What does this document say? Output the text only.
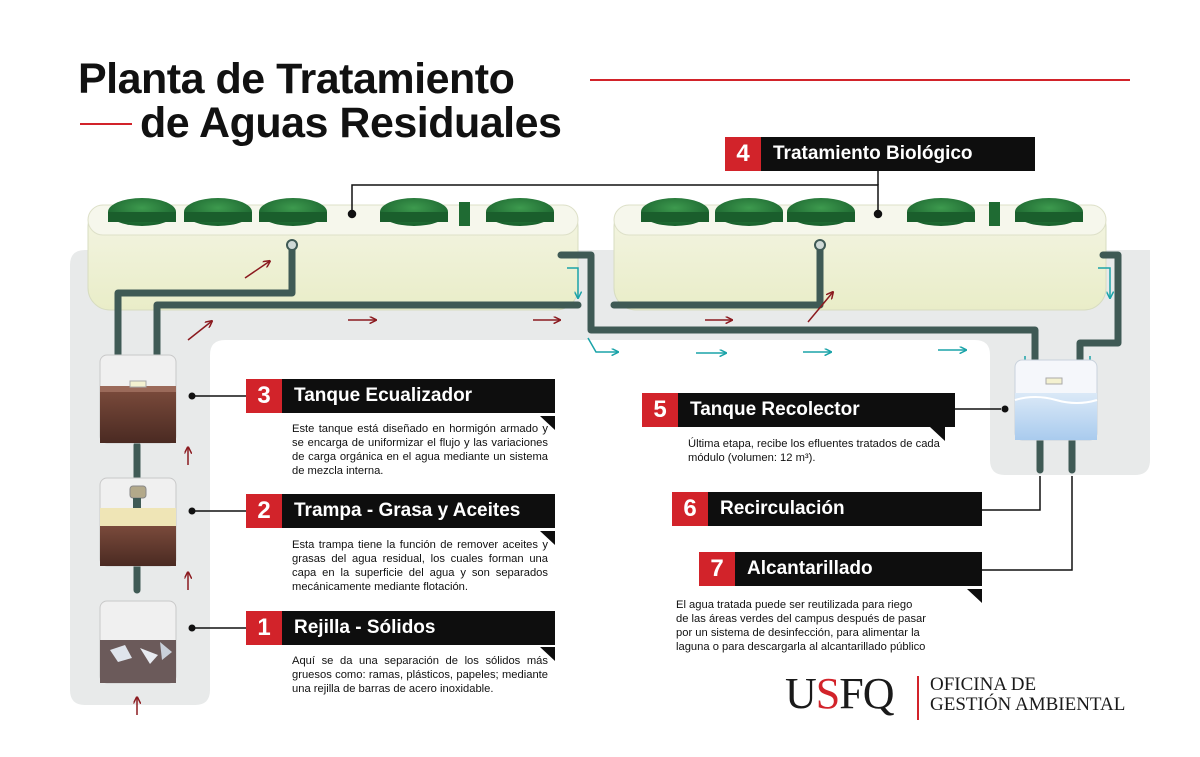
Planta de Tratamiento
de Aguas Residuales
4	Tratamiento Biológico
3	Tanque Ecualizador

Este tanque está diseñado en hormigón armado y se encarga de uniformizar el flujo y las variaciones de carga orgánica en el agua mediante un sistema de mezcla interna.

2	Trampa - Grasa y Aceites

Esta trampa tiene la función de remover aceites y grasas del agua residual, los cuales forman una capa en la superficie del agua y son separados mecánicamente mediante flotación.

1	Rejilla - Sólidos

Aquí se da una separación de los sólidos más gruesos como: ramas, plásticos, papeles; mediante una rejilla de barras de acero inoxidable.

5	Tanque Recolector

Última etapa, recibe los efluentes tratados de cada módulo (volumen: 12 m³).

6	Recirculación
7	Alcantarillado

El agua tratada puede ser reutilizada para riego de las áreas verdes del campus después de pasar por un sistema de desinfección, para alimentar la laguna o para descargarla al alcantarillado público

USFQ OFICINA DE
GESTIÓN AMBIENTAL
